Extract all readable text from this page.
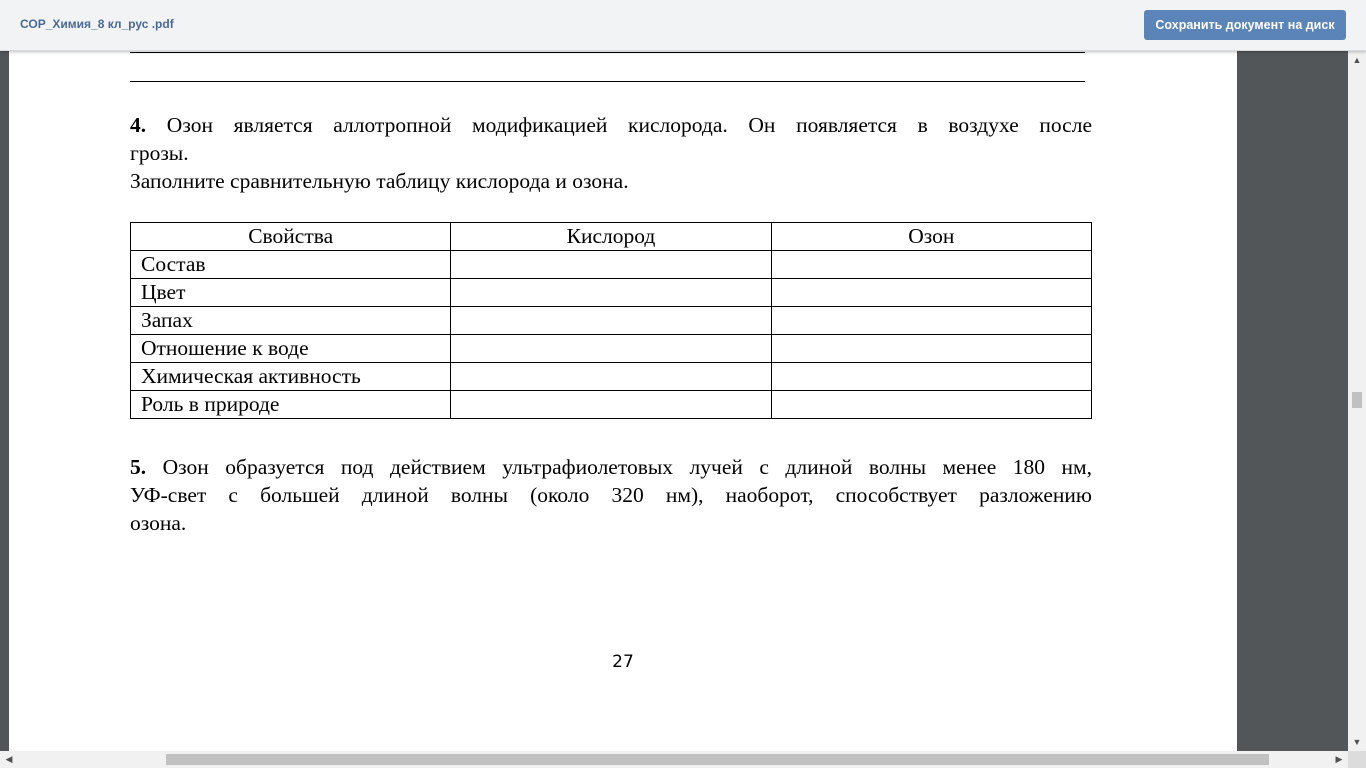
СОР_Химия_8 кл_рус .pdf	Сохранить документ на диск
4. Озон является аллотропной модификацией кислорода. Он появляется в воздухе после
грозы.
Заполните сравнительную таблицу кислорода и озона.
Свойства	Кислород	Озон
Состав		
Цвет		
Запах		
Отношение к воде		
Химическая активность		
Роль в природе		
5. Озон образуется под действием ультрафиолетовых лучей с длиной волны менее 180 нм,
УФ-свет с большей длиной волны (около 320 нм), наоборот, способствует разложению
озона.
27
▲
▼
◀	▶
